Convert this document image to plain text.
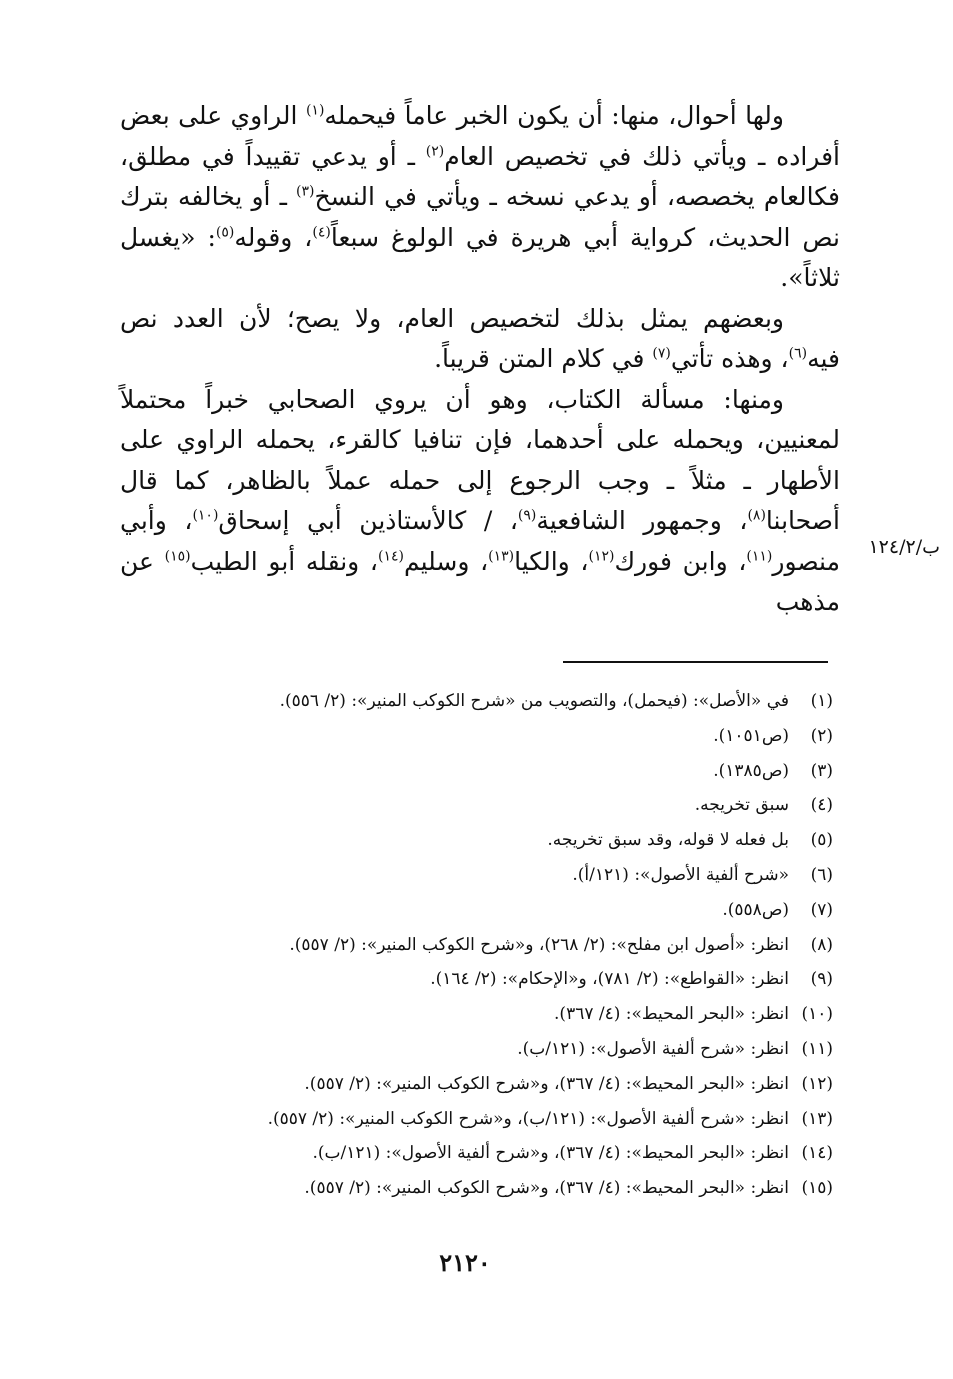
ولها أحوال، منها: أن يكون الخبر عاماً فيحمله$^{(١)}$ الراوي على بعض أفراده ـ ويأتي ذلك في تخصيص العام$^{(٢)}$ ـ أو يدعي تقييداً في مطلق، فكالعام يخصصه، أو يدعي نسخه ـ ويأتي في النسخ$^{(٣)}$ ـ أو يخالفه بترك نص الحديث، كرواية أبي هريرة في الولوغ سبعاً$^{(٤)}$، وقوله$^{(٥)}$: «يغسل ثلاثاً».

وبعضهم يمثل بذلك لتخصيص العام، ولا يصح؛ لأن العدد نص فيه$^{(٦)}$، وهذه تأتي$^{(٧)}$ في كلام المتن قريباً.

ومنها: مسألة الكتاب، وهو أن يروي الصحابي خبراً محتملاً لمعنيين، ويحمله على أحدهما، فإن تنافيا كالقرء، يحمله الراوي على الأطهار ـ مثلاً ـ وجب الرجوع إلى حمله عملاً بالظاهر، كما قال أصحابنا$^{(٨)}$، وجمهور الشافعية$^{(٩)}$، / كالأستاذين أبي إسحاق$^{(١٠)}$، وأبي منصور$^{(١١)}$، وابن فورك$^{(١٢)}$، والكيا$^{(١٣)}$، وسليم$^{(١٤)}$، ونقله أبو الطيب$^{(١٥)}$ عن مذهب

ب/١٢٤/٢
(١)في «الأصل»: (فيحمل)، والتصويب من «شرح الكوكب المنير»: (٢/ ٥٥٦).
(٢)(ص١٠٥١).
(٣)(ص١٣٨٥).
(٤)سبق تخريجه.
(٥)بل فعله لا قوله، وقد سبق تخريجه.
(٦)«شرح ألفية الأصول»: (١٢١/أ).
(٧)(ص٥٥٨).
(٨)انظر: «أصول ابن مفلح»: (٢/ ٢٦٨)، و«شرح الكوكب المنير»: (٢/ ٥٥٧).
(٩)انظر: «القواطع»: (٢/ ٧٨١)، و«الإحكام»: (٢/ ١٦٤).
(١٠)انظر: «البحر المحيط»: (٤/ ٣٦٧).
(١١)انظر: «شرح ألفية الأصول»: (١٢١/ب).
(١٢)انظر: «البحر المحيط»: (٤/ ٣٦٧)، و«شرح الكوكب المنير»: (٢/ ٥٥٧).
(١٣)انظر: «شرح ألفية الأصول»: (١٢١/ب)، و«شرح الكوكب المنير»: (٢/ ٥٥٧).
(١٤)انظر: «البحر المحيط»: (٤/ ٣٦٧)، و«شرح ألفية الأصول»: (١٢١/ب).
(١٥)انظر: «البحر المحيط»: (٤/ ٣٦٧)، و«شرح الكوكب المنير»: (٢/ ٥٥٧).
٢١٢٠
